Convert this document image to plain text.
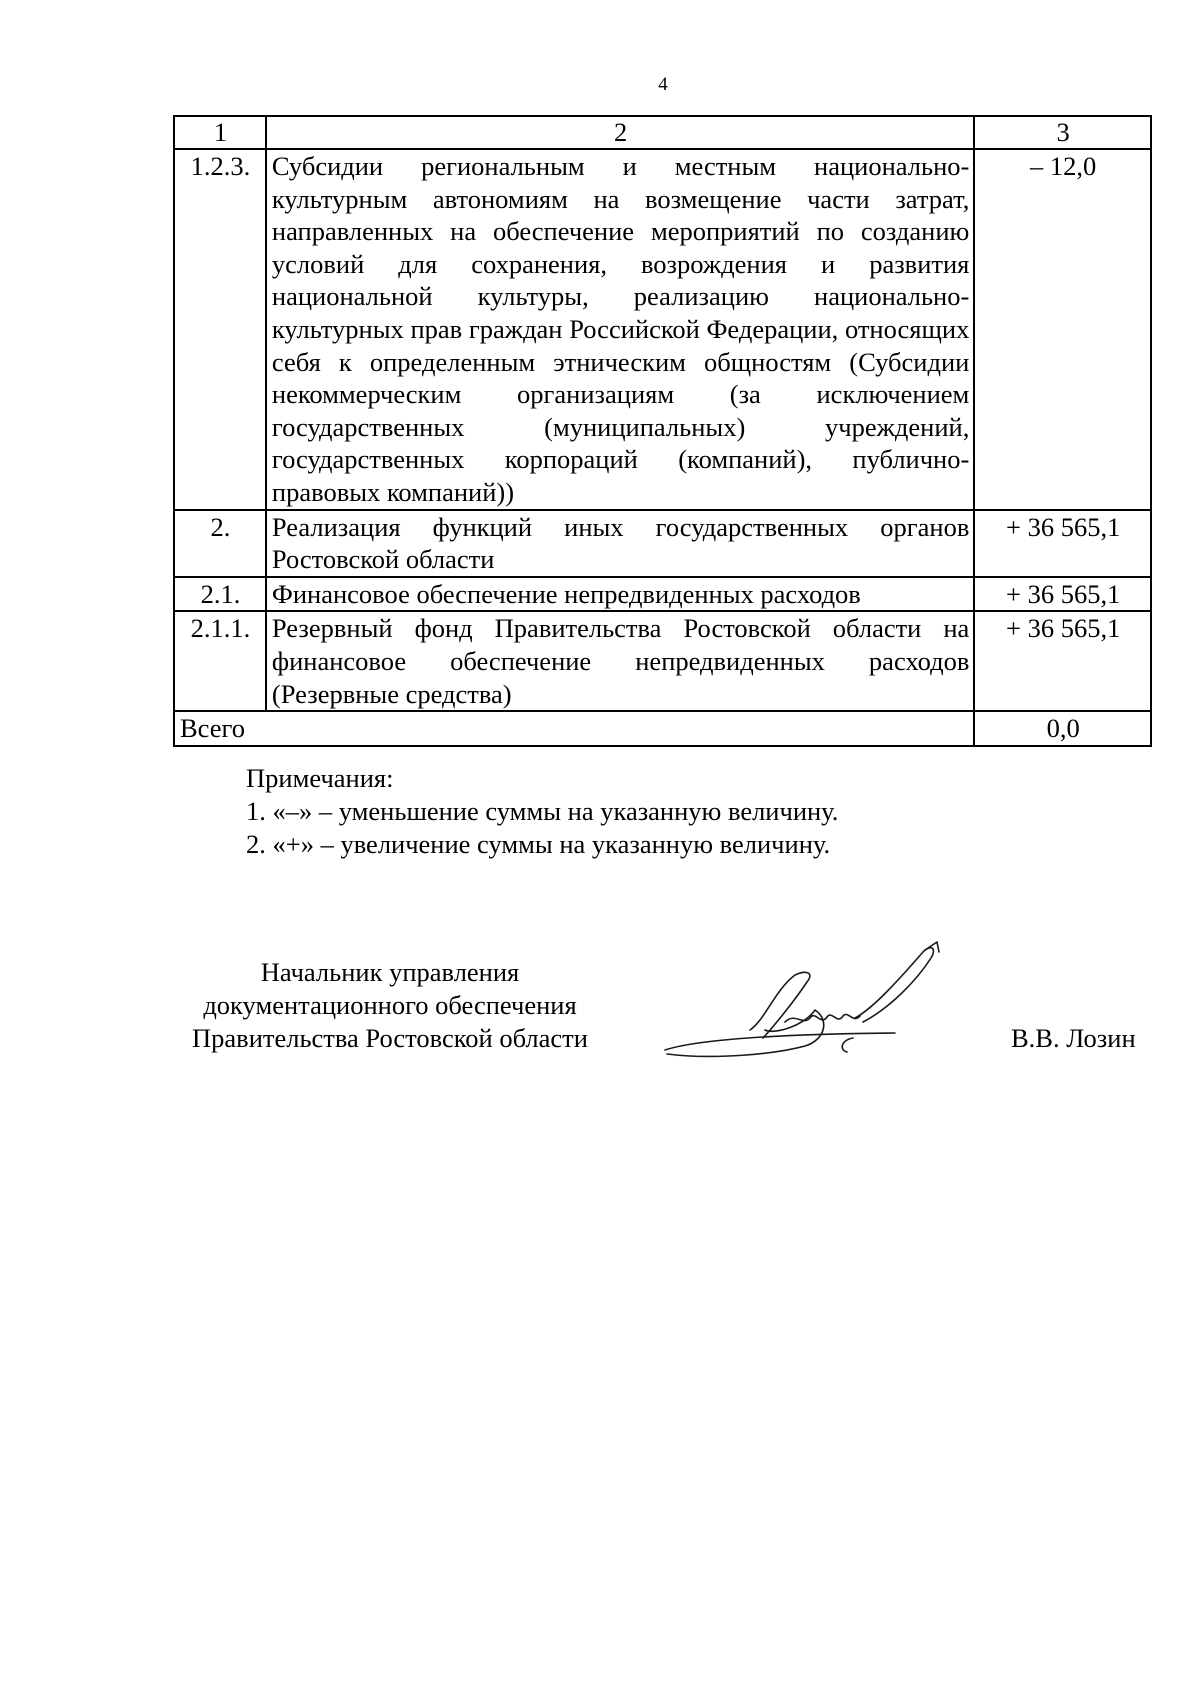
4
1	2	3
1.2.3.	Субсидии региональным и местным национально-культурным автономиям на возмещение части затрат, направленных на обеспечение мероприятий по созданию условий для сохранения, возрождения и развития национальной культуры, реализацию национально-культурных прав граждан Российской Федерации, относящих себя к определенным этническим общностям (Субсидии некоммерческим организациям (за исключением государственных (муниципальных) учреждений, государственных корпораций (компаний), публично-правовых компаний))	– 12,0
2.	Реализация функций иных государственных органов Ростовской области	+ 36 565,1
2.1.	Финансовое обеспечение непредвиденных расходов	+ 36 565,1
2.1.1.	Резервный фонд Правительства Ростовской области на финансовое обеспечение непредвиденных расходов (Резервные средства)	+ 36 565,1
Всего		0,0
Примечания:
1. «–» – уменьшение суммы на указанную величину.
2. «+» – увеличение суммы на указанную величину.
Начальник управления
документационного обеспечения
Правительства Ростовской области	В.В. Лозин
